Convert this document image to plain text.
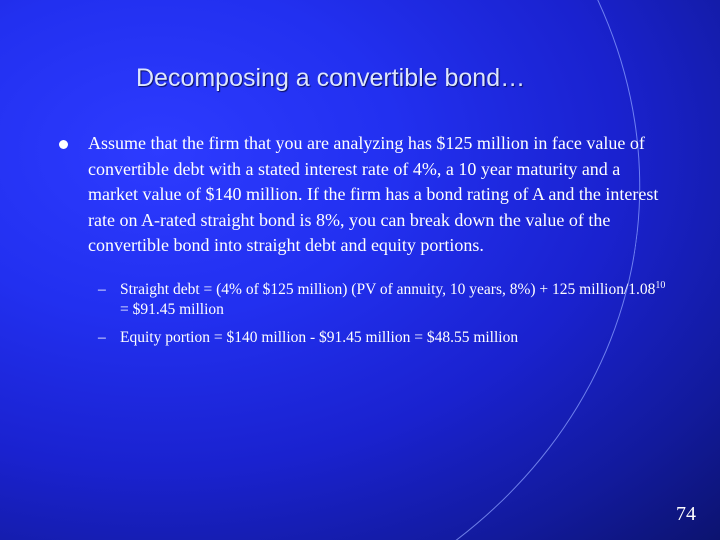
Decomposing a convertible bond…
Assume that the firm that you are analyzing has $125 million in face value of convertible debt with a stated interest rate of 4%, a 10 year maturity and a market value of $140 million. If the firm has a bond rating of A and the interest rate on A-rated straight bond is 8%, you can break down the value of the convertible bond into straight debt and equity portions.
– Straight debt = (4% of $125 million) (PV of annuity, 10 years, 8%) + 125 million/$1.08^{10}$ = $91.45 million
– Equity portion = $140 million - $91.45 million = $48.55 million
74
